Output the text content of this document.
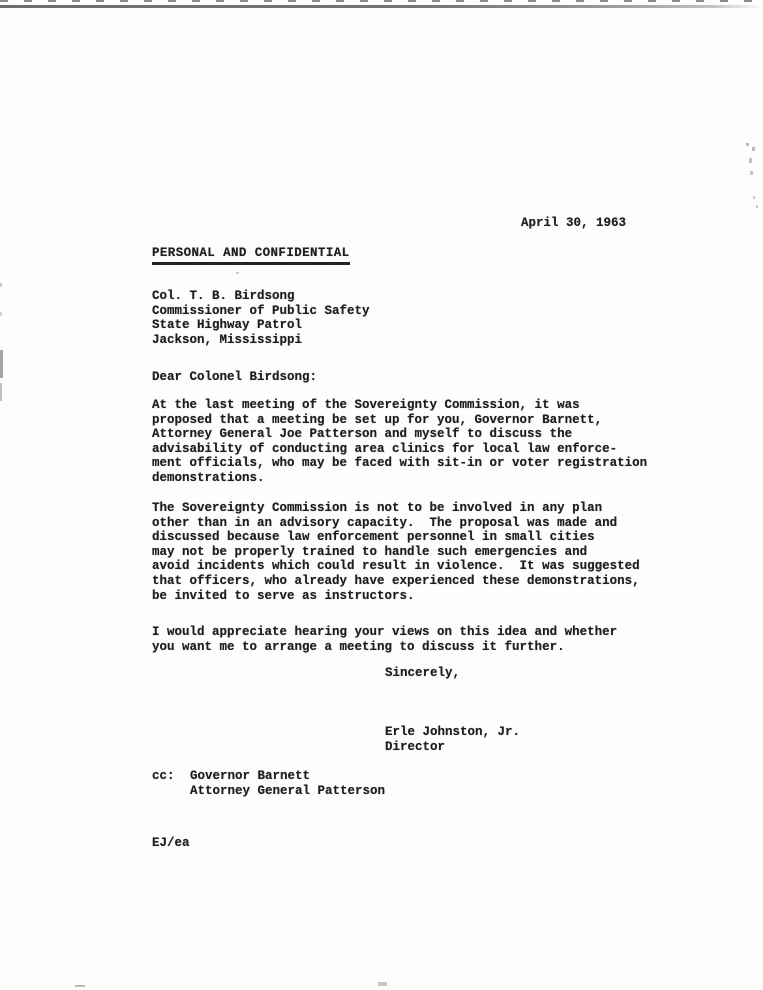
April 30, 1963
PERSONAL AND CONFIDENTIAL
Col. T. B. Birdsong
Commissioner of Public Safety
State Highway Patrol
Jackson, Mississippi
Dear Colonel Birdsong:
At the last meeting of the Sovereignty Commission, it was
proposed that a meeting be set up for you, Governor Barnett,
Attorney General Joe Patterson and myself to discuss the
advisability of conducting area clinics for local law enforce-
ment officials, who may be faced with sit-in or voter registration
demonstrations.
The Sovereignty Commission is not to be involved in any plan
other than in an advisory capacity.  The proposal was made and
discussed because law enforcement personnel in small cities
may not be properly trained to handle such emergencies and
avoid incidents which could result in violence.  It was suggested
that officers, who already have experienced these demonstrations,
be invited to serve as instructors.
I would appreciate hearing your views on this idea and whether
you want me to arrange a meeting to discuss it further.
Sincerely,
Erle Johnston, Jr.
Director
cc:	Governor Barnett
Attorney General Patterson
EJ/ea
